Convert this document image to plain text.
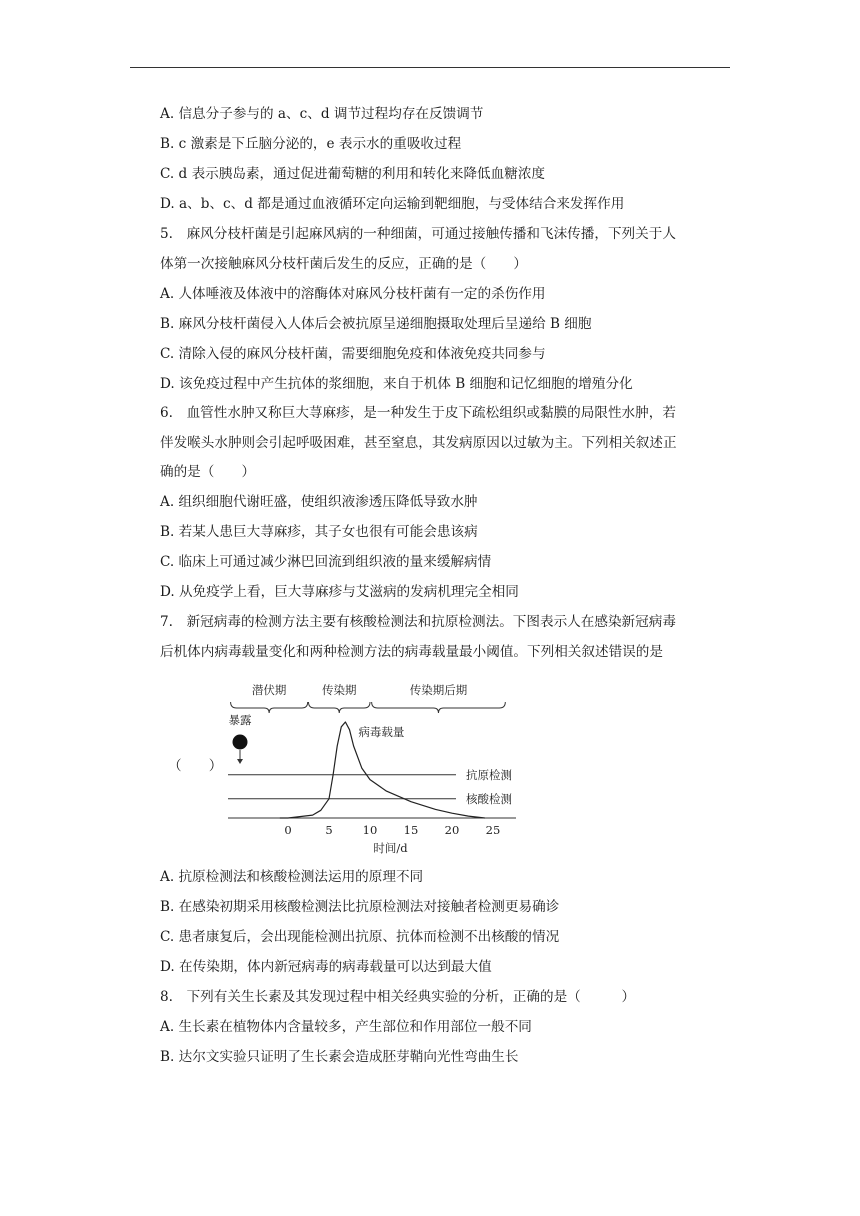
A. 信息分子参与的 a、c、d 调节过程均存在反馈调节
B. c 激素是下丘脑分泌的，e 表示水的重吸收过程
C. d 表示胰岛素，通过促进葡萄糖的利用和转化来降低血糖浓度
D. a、b、c、d 都是通过血液循环定向运输到靶细胞，与受体结合来发挥作用
5.　麻风分枝杆菌是引起麻风病的一种细菌，可通过接触传播和飞沫传播，下列关于人
体第一次接触麻风分枝杆菌后发生的反应，正确的是（　　）
A. 人体唾液及体液中的溶酶体对麻风分枝杆菌有一定的杀伤作用
B. 麻风分枝杆菌侵入人体后会被抗原呈递细胞摄取处理后呈递给 B 细胞
C. 清除入侵的麻风分枝杆菌，需要细胞免疫和体液免疫共同参与
D. 该免疫过程中产生抗体的浆细胞，来自于机体 B 细胞和记忆细胞的增殖分化
6.　血管性水肿又称巨大荨麻疹，是一种发生于皮下疏松组织或黏膜的局限性水肿，若
伴发喉头水肿则会引起呼吸困难，甚至窒息，其发病原因以过敏为主。下列相关叙述正
确的是（　　）
A. 组织细胞代谢旺盛，使组织液渗透压降低导致水肿
B. 若某人患巨大荨麻疹，其子女也很有可能会患该病
C. 临床上可通过减少淋巴回流到组织液的量来缓解病情
D. 从免疫学上看，巨大荨麻疹与艾滋病的发病机理完全相同
7.　新冠病毒的检测方法主要有核酸检测法和抗原检测法。下图表示人在感染新冠病毒
后机体内病毒载量变化和两种检测方法的病毒载量最小阈值。下列相关叙述错误的是
（　　）
抗原检测
核酸检测
0	5	10 15 20 25
时间/d
病毒载量
潜伏期	传染期	传染期后期
暴露
A. 抗原检测法和核酸检测法运用的原理不同
B. 在感染初期采用核酸检测法比抗原检测法对接触者检测更易确诊
C. 患者康复后，会出现能检测出抗原、抗体而检测不出核酸的情况
D. 在传染期，体内新冠病毒的病毒载量可以达到最大值
8.　下列有关生长素及其发现过程中相关经典实验的分析，正确的是（　　　）
A. 生长素在植物体内含量较多，产生部位和作用部位一般不同
B. 达尔文实验只证明了生长素会造成胚芽鞘向光性弯曲生长
